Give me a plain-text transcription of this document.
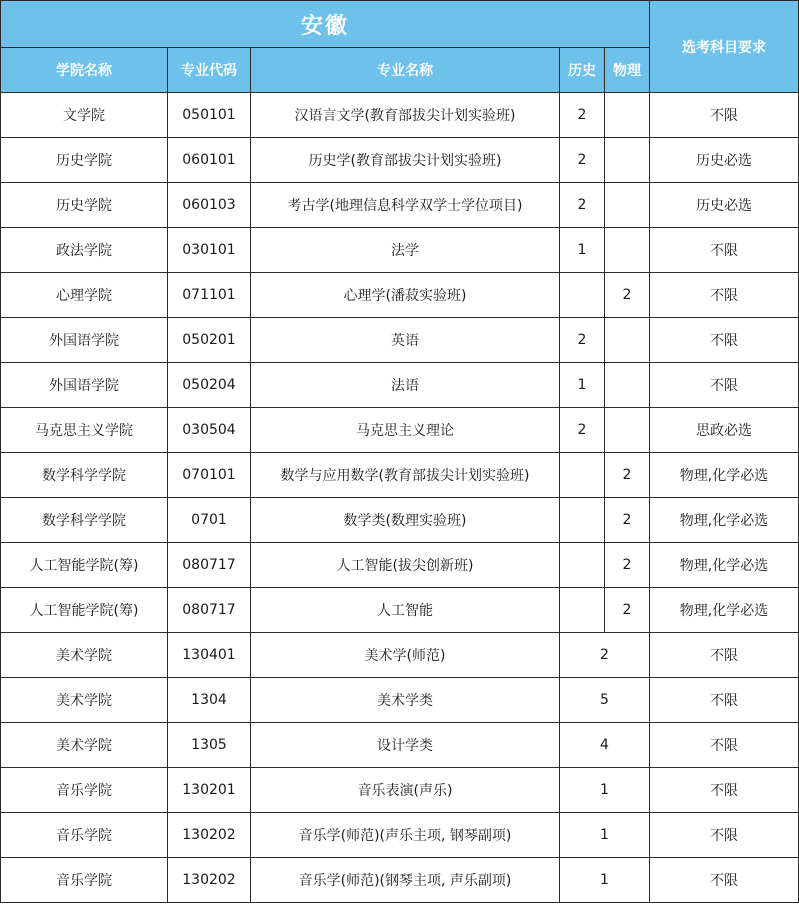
安徽					选考科目要求
学院名称	专业代码	专业名称	历史	物理	
文学院	050101	汉语言文学(教育部拔尖计划实验班)	2		不限
历史学院	060101	历史学(教育部拔尖计划实验班)	2		历史必选
历史学院	060103	考古学(地理信息科学双学士学位项目)	2		历史必选
政法学院	030101	法学	1		不限
心理学院	071101	心理学(潘菽实验班)		2	不限
外国语学院	050201	英语	2		不限
外国语学院	050204	法语	1		不限
马克思主义学院	030504	马克思主义理论	2		思政必选
数学科学学院	070101	数学与应用数学(教育部拔尖计划实验班)		2	物理,化学必选
数学科学学院	0701	数学类(数理实验班)		2	物理,化学必选
人工智能学院(筹)	080717	人工智能(拔尖创新班)		2	物理,化学必选
人工智能学院(筹)	080717	人工智能		2	物理,化学必选
美术学院	130401	美术学(师范)	2		不限
美术学院	1304	美术学类	5		不限
美术学院	1305	设计学类	4		不限
音乐学院	130201	音乐表演(声乐)	1		不限
音乐学院	130202	音乐学(师范)(声乐主项, 钢琴副项)	1		不限
音乐学院	130202	音乐学(师范)(钢琴主项, 声乐副项)	1		不限
